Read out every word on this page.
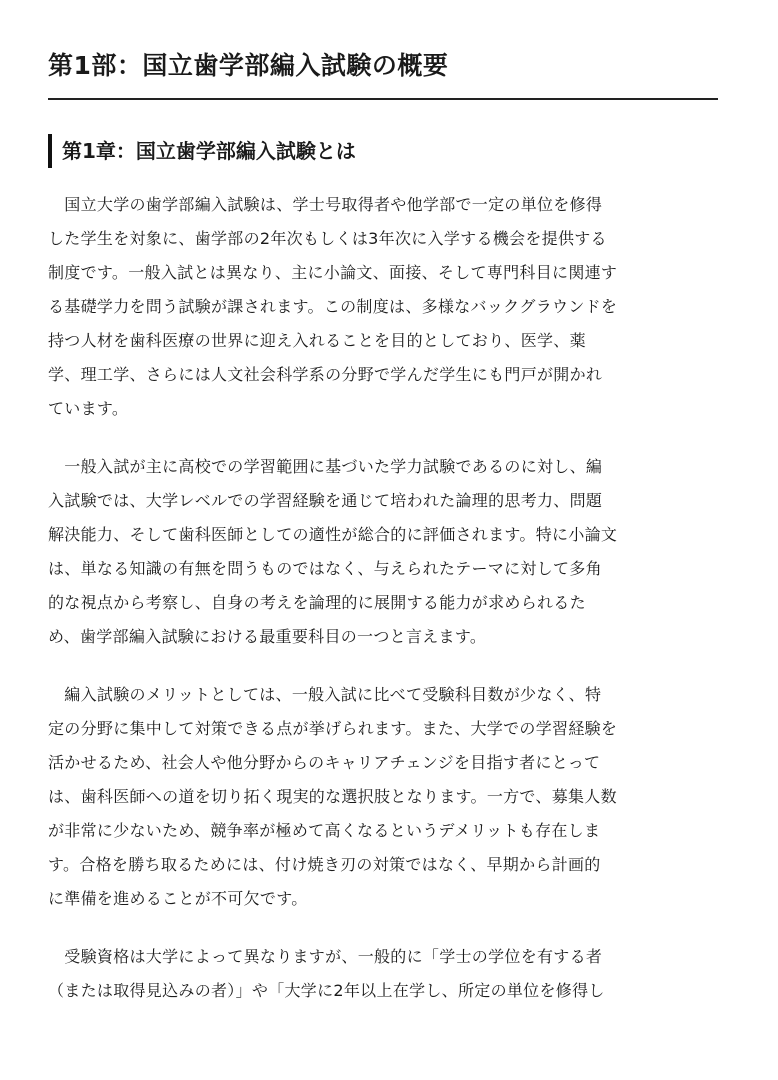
第1部：国立歯学部編入試験の概要
第1章：国立歯学部編入試験とは

　国立大学の歯学部編入試験は、学士号取得者や他学部で一定の単位を修得
した学生を対象に、歯学部の2年次もしくは3年次に入学する機会を提供する
制度です。一般入試とは異なり、主に小論文、面接、そして専門科目に関連す
る基礎学力を問う試験が課されます。この制度は、多様なバックグラウンドを
持つ人材を歯科医療の世界に迎え入れることを目的としており、医学、薬
学、理工学、さらには人文社会科学系の分野で学んだ学生にも門戸が開かれ
ています。

　一般入試が主に高校での学習範囲に基づいた学力試験であるのに対し、編
入試験では、大学レベルでの学習経験を通じて培われた論理的思考力、問題
解決能力、そして歯科医師としての適性が総合的に評価されます。特に小論文
は、単なる知識の有無を問うものではなく、与えられたテーマに対して多角
的な視点から考察し、自身の考えを論理的に展開する能力が求められるた
め、歯学部編入試験における最重要科目の一つと言えます。

　編入試験のメリットとしては、一般入試に比べて受験科目数が少なく、特
定の分野に集中して対策できる点が挙げられます。また、大学での学習経験を
活かせるため、社会人や他分野からのキャリアチェンジを目指す者にとって
は、歯科医師への道を切り拓く現実的な選択肢となります。一方で、募集人数
が非常に少ないため、競争率が極めて高くなるというデメリットも存在しま
す。合格を勝ち取るためには、付け焼き刃の対策ではなく、早期から計画的
に準備を進めることが不可欠です。

　受験資格は大学によって異なりますが、一般的に「学士の学位を有する者
（または取得見込みの者）」や「大学に2年以上在学し、所定の単位を修得し
